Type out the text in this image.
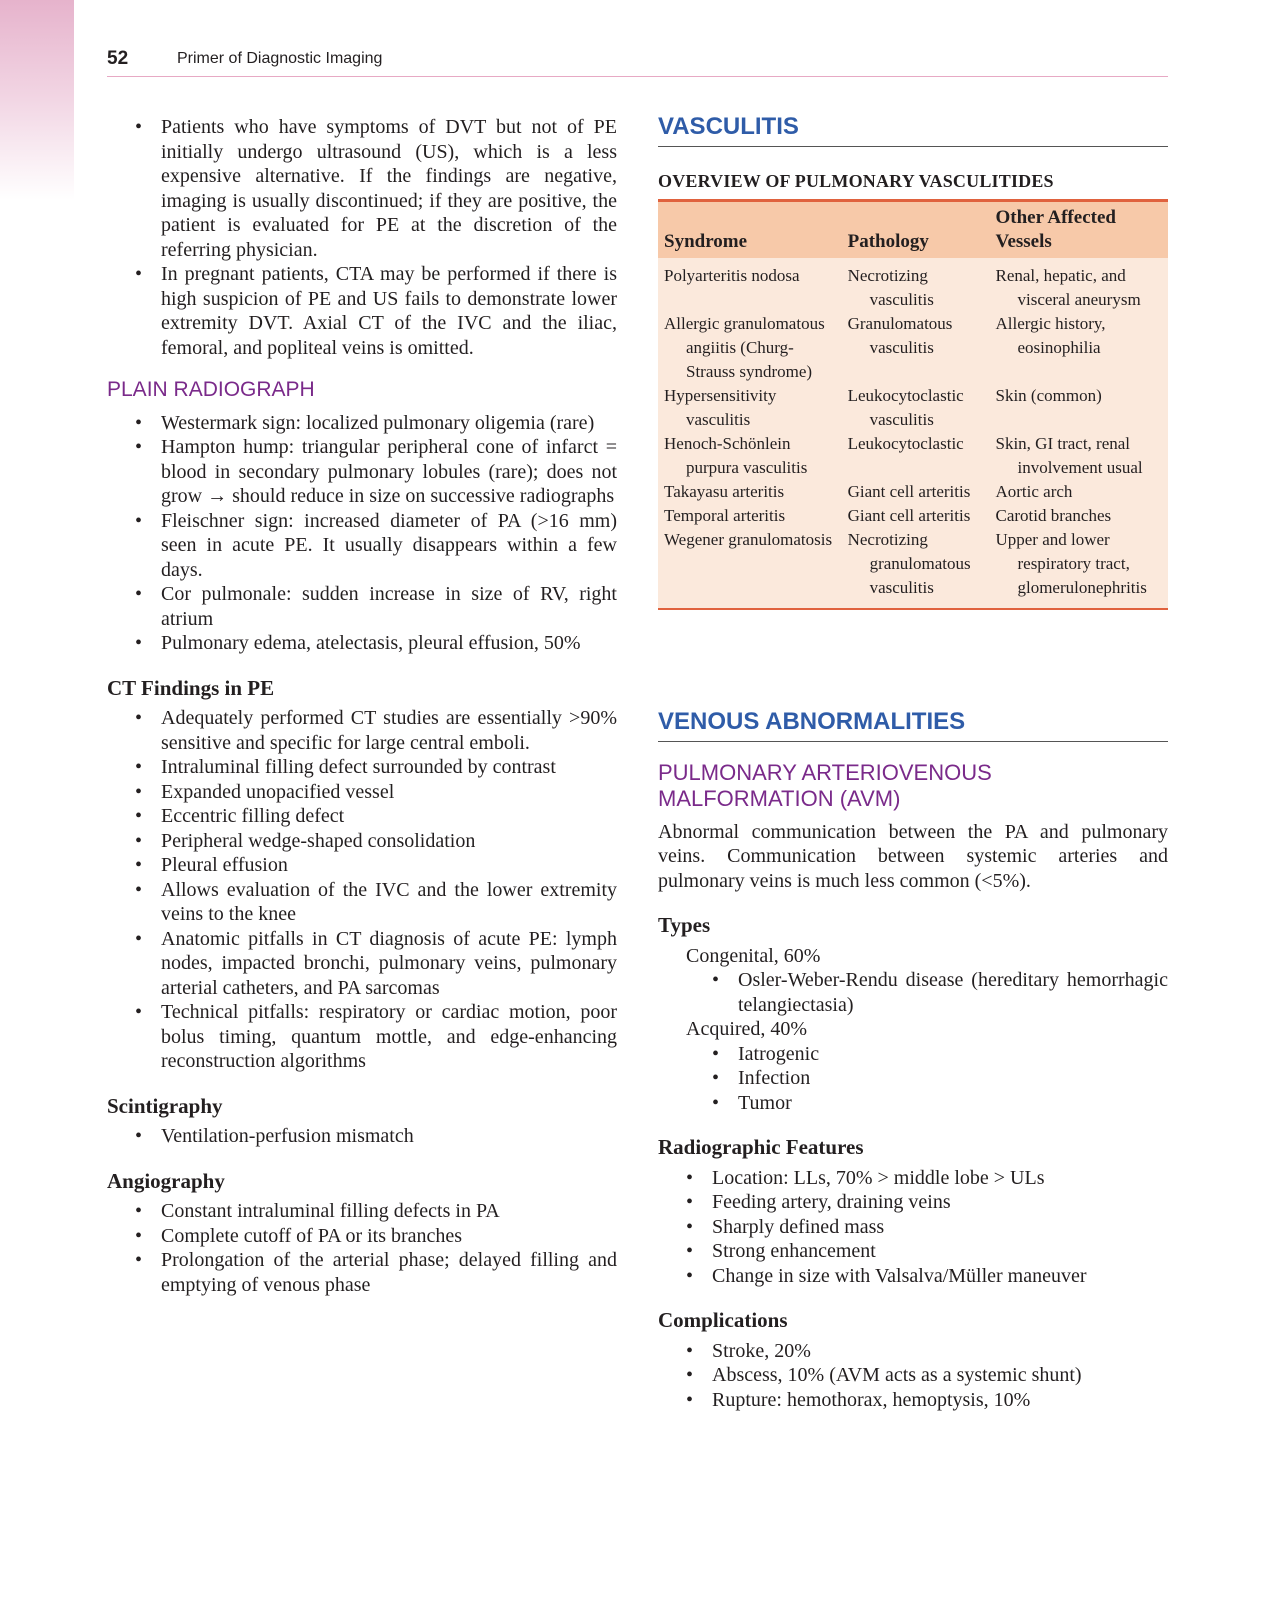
52	Primer of Diagnostic Imaging
• Patients who have symptoms of DVT but not of PE initially undergo ultrasound (US), which is a less expensive alternative. If the findings are negative, imaging is usually discontinued; if they are positive, the patient is evaluated for PE at the discretion of the referring physician.
• In pregnant patients, CTA may be performed if there is high suspicion of PE and US fails to demonstrate lower extremity DVT. Axial CT of the IVC and the iliac, femoral, and popliteal veins is omitted.
PLAIN RADIOGRAPH
• Westermark sign: localized pulmonary oligemia (rare)
• Hampton hump: triangular peripheral cone of infarct = blood in secondary pulmonary lobules (rare); does not grow → should reduce in size on successive radiographs
• Fleischner sign: increased diameter of PA (>16 mm) seen in acute PE. It usually disappears within a few days.
• Cor pulmonale: sudden increase in size of RV, right atrium
• Pulmonary edema, atelectasis, pleural effusion, 50%
CT Findings in PE
• Adequately performed CT studies are essentially >90% sensitive and specific for large central emboli.
• Intraluminal filling defect surrounded by contrast
• Expanded unopacified vessel
• Eccentric filling defect
• Peripheral wedge-shaped consolidation
• Pleural effusion
• Allows evaluation of the IVC and the lower extremity veins to the knee
• Anatomic pitfalls in CT diagnosis of acute PE: lymph nodes, impacted bronchi, pulmonary veins, pulmonary arterial catheters, and PA sarcomas
• Technical pitfalls: respiratory or cardiac motion, poor bolus timing, quantum mottle, and edge-enhancing reconstruction algorithms
Scintigraphy
• Ventilation-perfusion mismatch
Angiography
• Constant intraluminal filling defects in PA
• Complete cutoff of PA or its branches
• Prolongation of the arterial phase; delayed filling and emptying of venous phase
VASCULITIS
OVERVIEW OF PULMONARY VASCULITIDES
Syndrome	Pathology	Other Affected Vessels

Polyarteritis nodosa	Necrotizing vasculitis	Renal, hepatic, and visceral aneurysm

Allergic granulomatous angiitis (Churg-Strauss syndrome)	Granulomatous vasculitis	Allergic history, eosinophilia

Hypersensitivity vasculitis	Leukocytoclastic vasculitis	Skin (common)

Henoch-Schönlein purpura vasculitis	Leukocytoclastic	Skin, GI tract, renal involvement usual

Takayasu arteritis	Giant cell arteritis	Aortic arch

Temporal arteritis	Giant cell arteritis	Carotid branches

Wegener granulomatosis	Necrotizing granulomatous vasculitis	Upper and lower respiratory tract, glomerulonephritis
VENOUS ABNORMALITIES
PULMONARY ARTERIOVENOUS MALFORMATION (AVM)

Abnormal communication between the PA and pulmonary veins. Communication between systemic arteries and pulmonary veins is much less common (<5%).

Types
Congenital, 60%
• Osler-Weber-Rendu disease (hereditary hemorrhagic telangiectasia)
Acquired, 40%
• Iatrogenic
• Infection
• Tumor
Radiographic Features
• Location: LLs, 70% > middle lobe > ULs
• Feeding artery, draining veins
• Sharply defined mass
• Strong enhancement
• Change in size with Valsalva/Müller maneuver
Complications
• Stroke, 20%
• Abscess, 10% (AVM acts as a systemic shunt)
• Rupture: hemothorax, hemoptysis, 10%
